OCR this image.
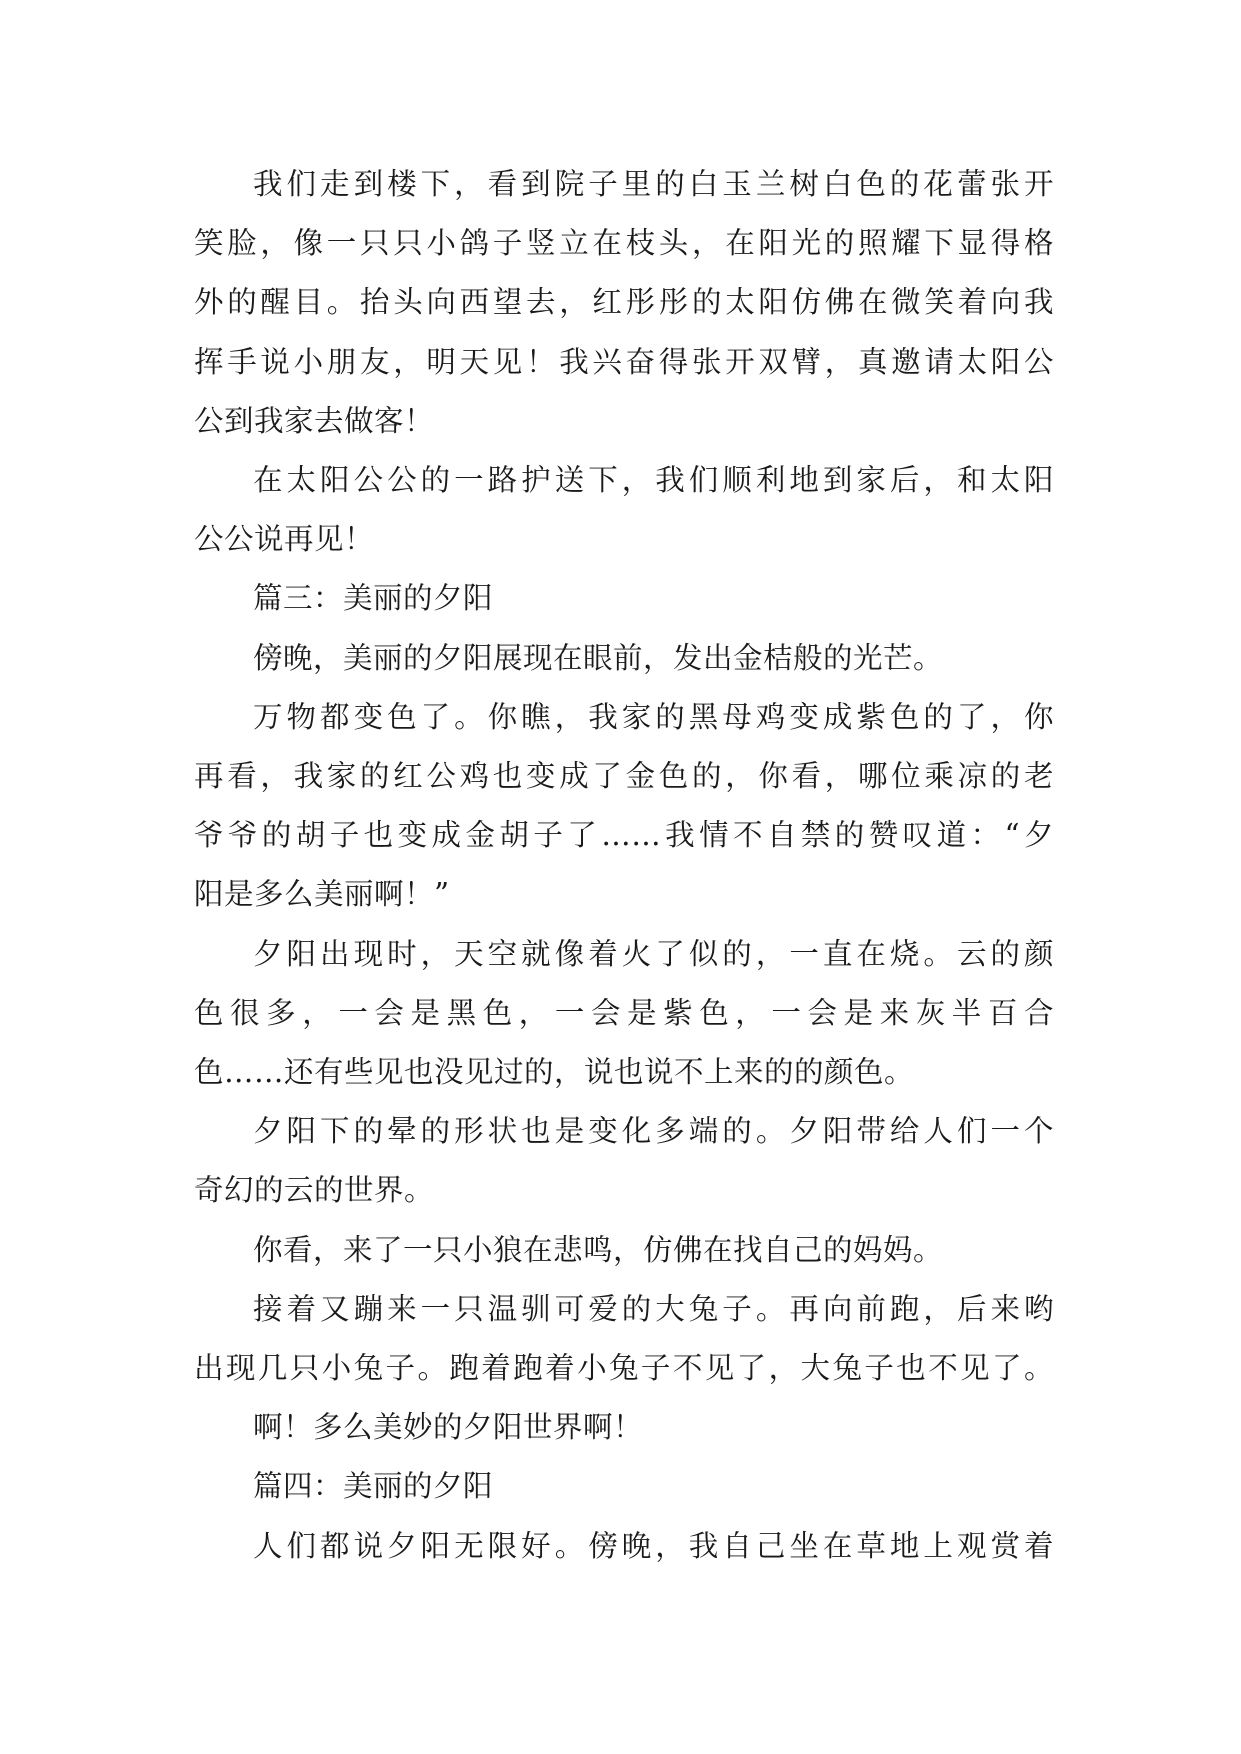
我们走到楼下，看到院子里的白玉兰树白色的花蕾张开
笑脸，像一只只小鸽子竖立在枝头，在阳光的照耀下显得格
外的醒目。抬头向西望去，红彤彤的太阳仿佛在微笑着向我
挥手说小朋友，明天见！我兴奋得张开双臂，真邀请太阳公
公到我家去做客！
在太阳公公的一路护送下，我们顺利地到家后，和太阳
公公说再见！
篇三：美丽的夕阳
傍晚，美丽的夕阳展现在眼前，发出金桔般的光芒。
万物都变色了。你瞧，我家的黑母鸡变成紫色的了，你
再看，我家的红公鸡也变成了金色的，你看，哪位乘凉的老
爷爷的胡子也变成金胡子了……我情不自禁的赞叹道：“夕
阳是多么美丽啊！”
夕阳出现时，天空就像着火了似的，一直在烧。云的颜
色很多，一会是黑色，一会是紫色，一会是来灰半百合
色……还有些见也没见过的，说也说不上来的的颜色。
夕阳下的晕的形状也是变化多端的。夕阳带给人们一个
奇幻的云的世界。
你看，来了一只小狼在悲鸣，仿佛在找自己的妈妈。
接着又蹦来一只温驯可爱的大兔子。再向前跑，后来哟
出现几只小兔子。跑着跑着小兔子不见了，大兔子也不见了。
啊！多么美妙的夕阳世界啊！
篇四：美丽的夕阳
人们都说夕阳无限好。傍晚，我自己坐在草地上观赏着
